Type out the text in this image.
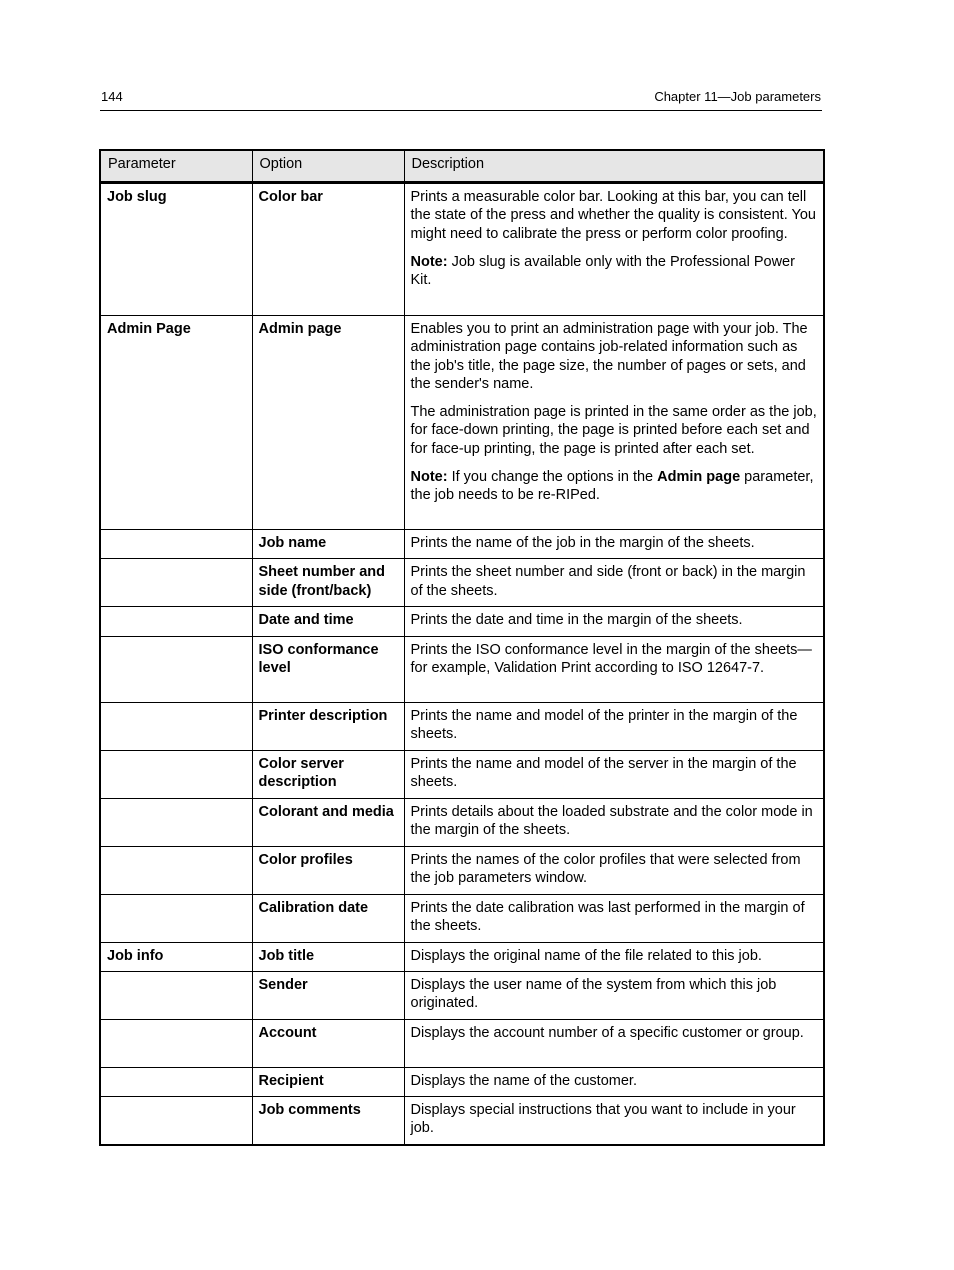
144	Chapter 11—Job parameters
Parameter	Option	Description
Job slug	Color bar	Prints a measurable color bar. Looking at this bar, you can tell the state of the press and whether the quality is consistent. You might need to calibrate the press or perform color proofing.

Note: Job slug is available only with the Professional Power Kit.

Admin Page	Admin page	Enables you to print an administration page with your job. The administration page contains job-related information such as the job's title, the page size, the number of pages or sets, and the sender's name.

The administration page is printed in the same order as the job, for face-down printing, the page is printed before each set and for face-up printing, the page is printed after each set.

Note: If you change the options in the Admin page parameter, the job needs to be re-RIPed.

	Job name	Prints the name of the job in the margin of the sheets.
	Sheet number and side (front/back)	Prints the sheet number and side (front or back) in the margin of the sheets.
	Date and time	Prints the date and time in the margin of the sheets.
	ISO conformance level	Prints the ISO conformance level in the margin of the sheets—for example, Validation Print according to ISO 12647-7.
	Printer description	Prints the name and model of the printer in the margin of the sheets.
	Color server description	Prints the name and model of the server in the margin of the sheets.
	Colorant and media	Prints details about the loaded substrate and the color mode in the margin of the sheets.
	Color profiles	Prints the names of the color profiles that were selected from the job parameters window.
	Calibration date	Prints the date calibration was last performed in the margin of the sheets.
Job info	Job title	Displays the original name of the file related to this job.
	Sender	Displays the user name of the system from which this job originated.
	Account	Displays the account number of a specific customer or group.
	Recipient	Displays the name of the customer.
	Job comments	Displays special instructions that you want to include in your job.
